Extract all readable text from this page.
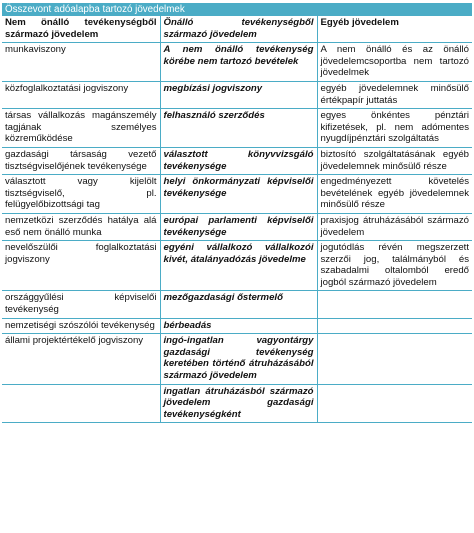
Összevont adóalapba tartozó jövedelmek
Nem önálló tevékenységből származó jövedelem	Önálló tevékenységből származó jövedelem	Egyéb jövedelem
munkaviszony	A nem önálló tevékenység körébe nem tartozó bevételek	A nem önálló és az önálló jövedelemcsoportba nem tartozó jövedelmek
közfoglalkoztatási jogviszony	megbízási jogviszony	egyéb jövedelemnek minősülő értékpapír juttatás
társas vállalkozás magánszemély tagjának személyes közreműködése	felhasználó szerződés	egyes önkéntes pénztári kifizetések, pl. nem adómentes nyugdíjpénztári szolgáltatás
gazdasági társaság vezető tisztségviselőjének tevékenysége	választott könyvvizsgáló tevékenysége	biztosító szolgáltatásának egyéb jövedelemnek minősülő része
választott vagy kijelölt tisztségviselő, pl. felügyelőbizottsági tag	helyi önkormányzati képviselői tevékenysége	engedményezett követelés bevételének egyéb jövedelemnek minősülő része
nemzetközi szerződés hatálya alá eső nem önálló munka	európai parlamenti képviselői tevékenysége	praxisjog átruházásából származó jövedelem
nevelőszülői foglalkoztatási jogviszony	egyéni vállalkozó vállalkozói kivét, átalányadózás jövedelme	jogutódlás révén megszerzett szerzői jog, találmányból és szabadalmi oltalomból eredő jogból származó jövedelem
országgyűlési képviselői tevékenység	mezőgazdasági őstermelő	
nemzetiségi szószólói tevékenység	bérbeadás	
állami projektértékelő jogviszony	ingó-ingatlan vagyontárgy gazdasági tevékenység keretében történő átruházásából származó jövedelem	
	ingatlan átruházásból származó jövedelem gazdasági tevékenységként	
